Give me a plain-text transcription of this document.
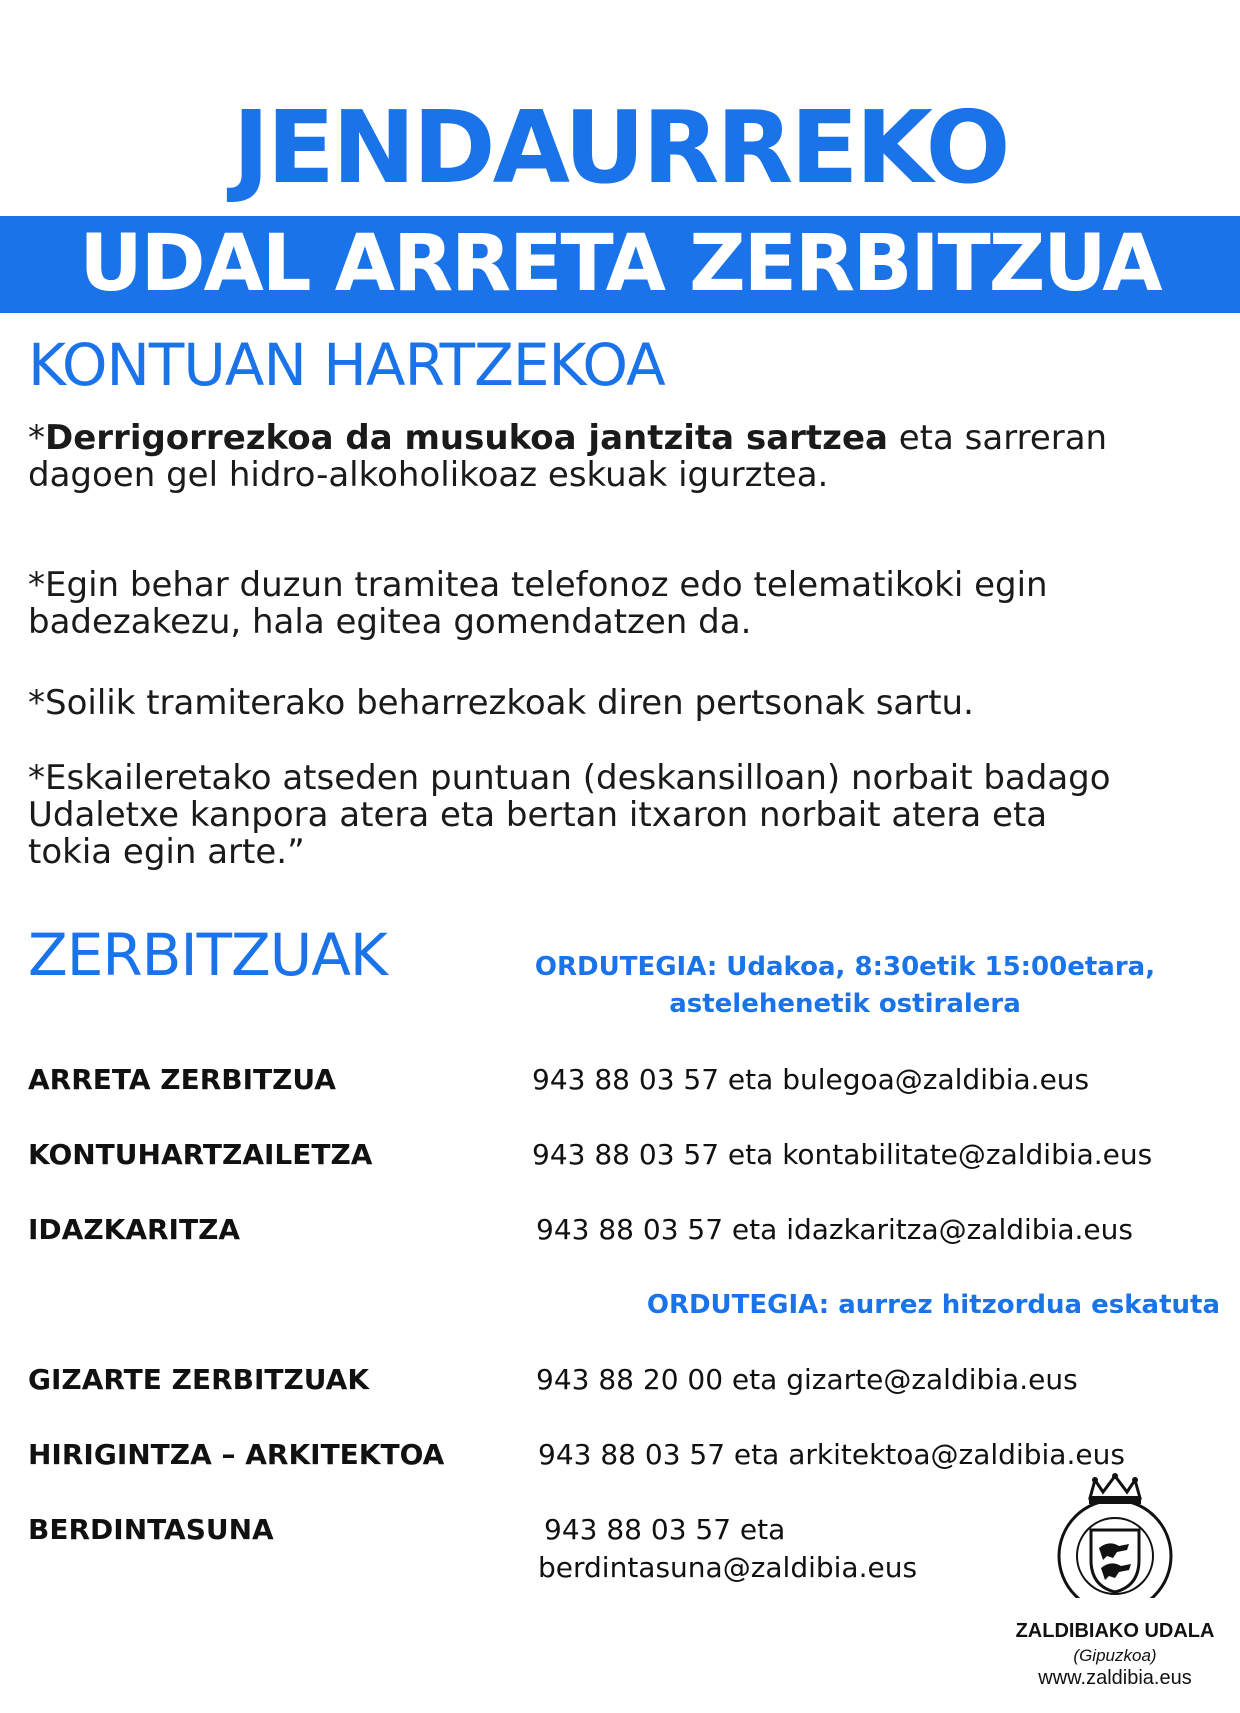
JENDAURREKO
UDAL ARRETA ZERBITZUA
KONTUAN HARTZEKOA
*Derrigorrezkoa da musukoa jantzita sartzea eta sarreran dagoen gel hidro-alkoholikoaz eskuak igurztea.
*Egin behar duzun tramitea telefonoz edo telematikoki egin badezakezu, hala egitea gomendatzen da.
*Soilik tramiterako beharrezkoak diren pertsonak sartu.
*Eskaileretako atseden puntuan (deskansilloan) norbait badago Udaletxe kanpora atera eta bertan itxaron norbait atera eta tokia egin arte.”
ZERBITZUAK	ORDUTEGIA: Udakoa, 8:30etik 15:00etara,
astelehenetik ostiralera
ARRETA ZERBITZUA	943 88 03 57 eta bulegoa@zaldibia.eus
KONTUHARTZAILETZA	943 88 03 57 eta kontabilitate@zaldibia.eus
IDAZKARITZA	943 88 03 57 eta idazkaritza@zaldibia.eus
ORDUTEGIA: aurrez hitzordua eskatuta
GIZARTE ZERBITZUAK	943 88 20 00 eta gizarte@zaldibia.eus
HIRIGINTZA – ARKITEKTOA	943 88 03 57 eta arkitektoa@zaldibia.eus
BERDINTASUNA	943 88 03 57 eta
berdintasuna@zaldibia.eus
ZALDIBIAKO UDALA
(Gipuzkoa)
www.zaldibia.eus
